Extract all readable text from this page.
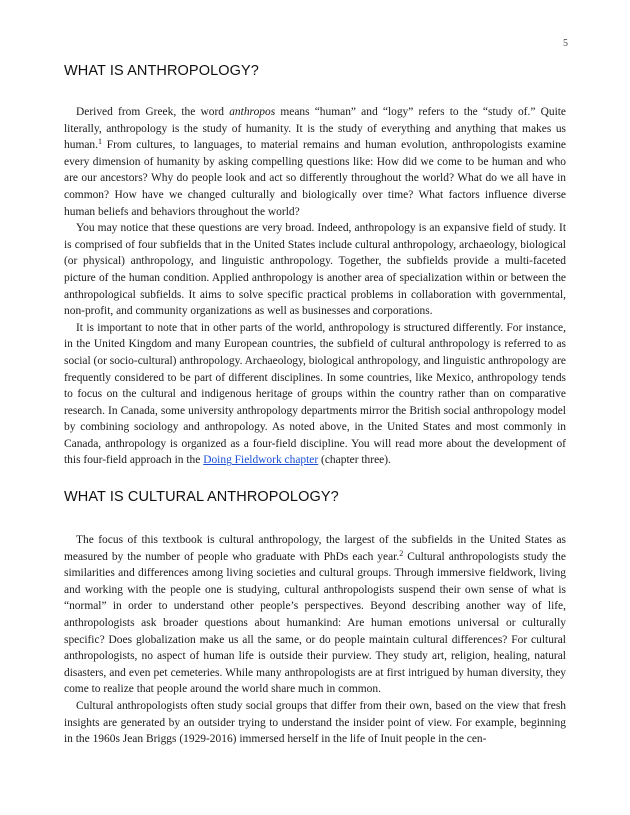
5
WHAT IS ANTHROPOLOGY?

Derived from Greek, the word anthropos means “human” and “logy” refers to the “study of.” Quite literally, anthropology is the study of humanity. It is the study of everything and anything that makes us human.$^1$ From cultures, to languages, to material remains and human evolution, anthropologists examine every dimension of humanity by asking compelling questions like: How did we come to be human and who are our ancestors? Why do people look and act so differently throughout the world? What do we all have in common? How have we changed culturally and biologically over time? What factors influence diverse human beliefs and behaviors throughout the world?

You may notice that these questions are very broad. Indeed, anthropology is an expansive field of study. It is comprised of four subfields that in the United States include cultural anthropology, archaeology, biological (or physical) anthropology, and linguistic anthropology. Together, the subfields provide a multi-faceted picture of the human condition. Applied anthropology is another area of specialization within or between the anthropological subfields. It aims to solve specific practical problems in collaboration with governmental, non-profit, and community organizations as well as businesses and corporations.

It is important to note that in other parts of the world, anthropology is structured differently. For instance, in the United Kingdom and many European countries, the subfield of cultural anthropology is referred to as social (or socio-cultural) anthropology. Archaeology, biological anthropology, and linguistic anthropology are frequently considered to be part of different disciplines. In some countries, like Mexico, anthropology tends to focus on the cultural and indigenous heritage of groups within the country rather than on comparative research. In Canada, some university anthropology departments mirror the British social anthropology model by combining sociology and anthropology. As noted above, in the United States and most commonly in Canada, anthropology is organized as a four-field discipline. You will read more about the development of this four-field approach in the Doing Fieldwork chapter (chapter three).

WHAT IS CULTURAL ANTHROPOLOGY?

The focus of this textbook is cultural anthropology, the largest of the subfields in the United States as measured by the number of people who graduate with PhDs each year.$^2$ Cultural anthropologists study the similarities and differences among living societies and cultural groups. Through immersive fieldwork, living and working with the people one is studying, cultural anthropologists suspend their own sense of what is “normal” in order to understand other people’s perspectives. Beyond describing another way of life, anthropologists ask broader questions about humankind: Are human emotions universal or culturally specific? Does globalization make us all the same, or do people maintain cultural differences? For cultural anthropologists, no aspect of human life is outside their purview. They study art, religion, healing, natural disasters, and even pet cemeteries. While many anthropologists are at first intrigued by human diversity, they come to realize that people around the world share much in common.

Cultural anthropologists often study social groups that differ from their own, based on the view that fresh insights are generated by an outsider trying to understand the insider point of view. For example, beginning in the 1960s Jean Briggs (1929-2016) immersed herself in the life of Inuit people in the cen-
